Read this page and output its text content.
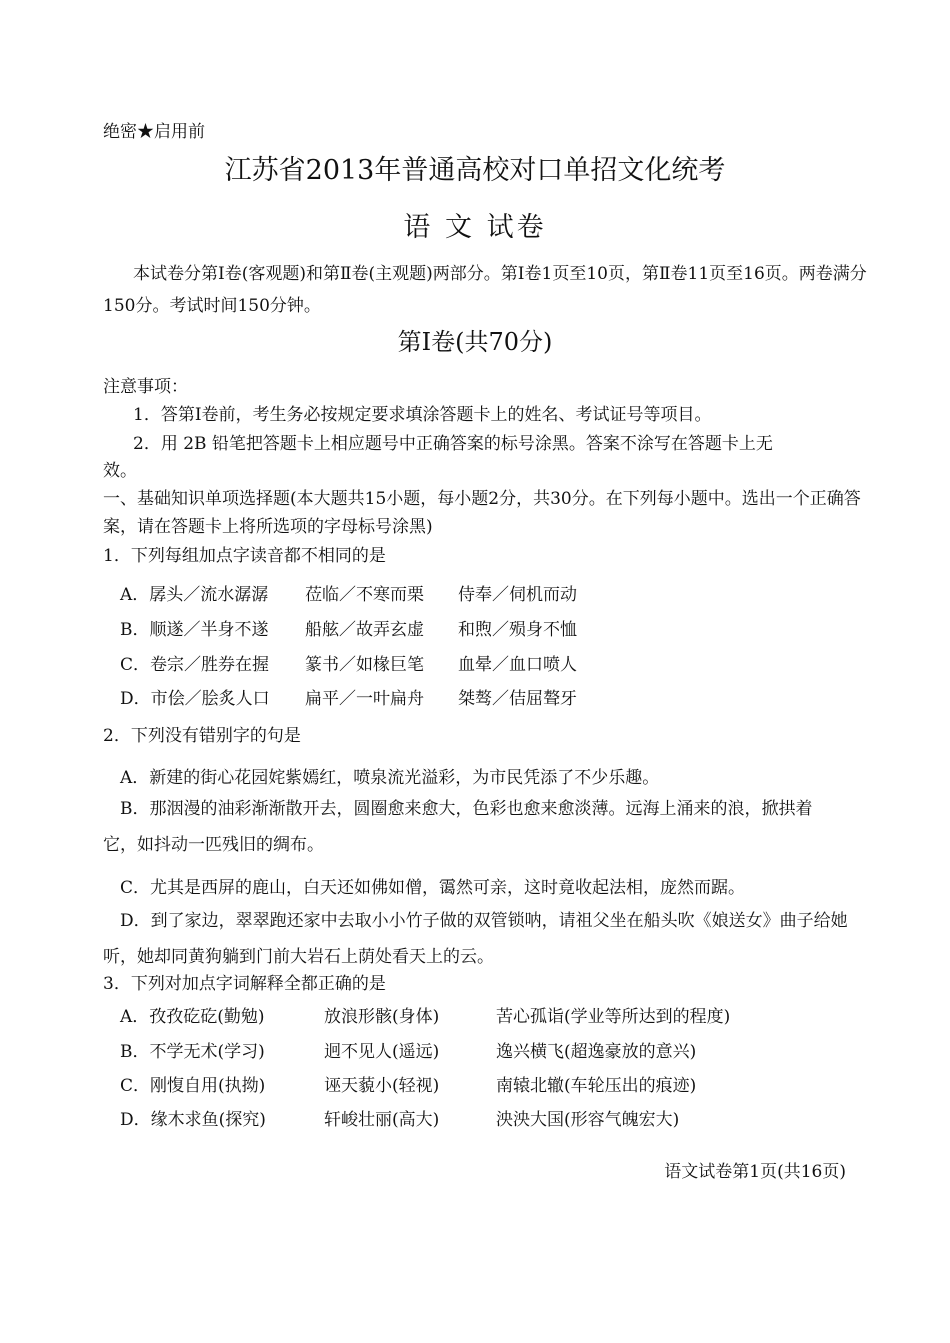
绝密★启用前
江苏省2013年普通高校对口单招文化统考
语 文 试卷
本试卷分第Ⅰ卷(客观题)和第Ⅱ卷(主观题)两部分。第Ⅰ卷1页至10页，第Ⅱ卷11页至16页。两卷满分150分。考试时间150分钟。
第Ⅰ卷(共70分)
注意事项：
1．答第Ⅰ卷前，考生务必按规定要求填涂答题卡上的姓名、考试证号等项目。
2．用 2B 铅笔把答题卡上相应题号中正确答案的标号涂黑。答案不涂写在答题卡上无
效。
一、基础知识单项选择题(本大题共15小题，每小题2分，共30分。在下列每小题中。选出一个正确答案，请在答题卡上将所选项的字母标号涂黑)
1．下列每组加点字读音都不相同的是
A．孱头／流水潺潺 莅临／不寒而栗 侍奉／伺机而动
B．顺遂／半身不遂 船舷／故弄玄虚 和煦／殒身不恤
C．卷宗／胜券在握 篆书／如椽巨笔 血晕／血口喷人
D．市侩／脍炙人口 扁平／一叶扁舟 桀骜／佶屈聱牙
2．下列没有错别字的句是
A．新建的街心花园姹紫嫣红，喷泉流光溢彩，为市民凭添了不少乐趣。
B．那洇漫的油彩渐渐散开去，圆圈愈来愈大，色彩也愈来愈淡薄。远海上涌来的浪，掀拱着它，如抖动一匹残旧的绸布。
C．尤其是西屏的鹿山，白天还如佛如僧，霭然可亲，这时竟收起法相，庞然而踞。
D．到了家边，翠翠跑还家中去取小小竹子做的双管锁呐，请祖父坐在船头吹《娘送女》曲子给她听，她却同黄狗躺到门前大岩石上荫处看天上的云。
3．下列对加点字词解释全都正确的是
A．孜孜矻矻(勤勉)	放浪形骸(身体)	苦心孤诣(学业等所达到的程度)
B．不学无术(学习)	迥不见人(遥远)	逸兴横飞(超逸豪放的意兴)
C．刚愎自用(执拗)	诬天藐小(轻视)	南辕北辙(车轮压出的痕迹)
D．缘木求鱼(探究)	轩峻壮丽(高大)	泱泱大国(形容气魄宏大)
语文试卷第1页(共16页)
